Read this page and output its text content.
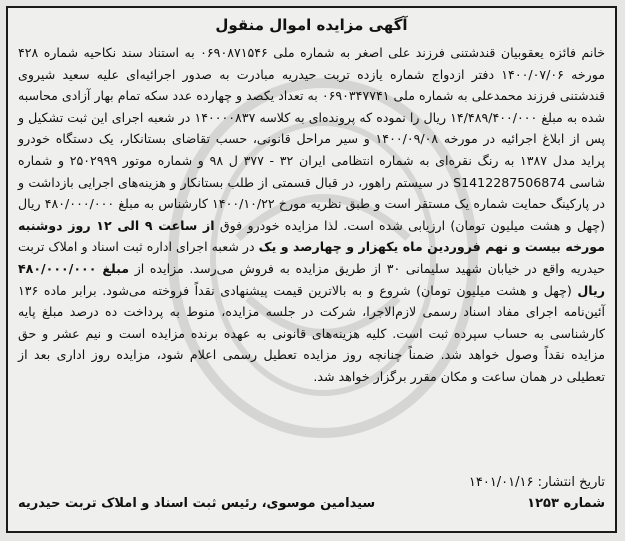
آگهی مزایده اموال منقول

خانم فائزه یعقوبیان قندشتنی فرزند علی اصغر به شماره ملی ۰۶۹۰۸۷۱۵۴۶ به استناد سند نکاحیه شماره ۴۲۸ مورخه ۱۴۰۰/۰۷/۰۶ دفتر ازدواج شماره یازده تربت حیدریه مبادرت به صدور اجرائیه‌ای علیه سعید شیروی قندشتنی فرزند محمدعلی به شماره ملی ۰۶۹۰۳۴۷۷۴۱ به تعداد یکصد و چهارده عدد سکه تمام بهار آزادی محاسبه شده به مبلغ ۱۴/۴۸۹/۴۰۰/۰۰۰ ریال را نموده که پرونده‌ای به کلاسه ۱۴۰۰۰۰۸۳۷ در شعبه اجرای این ثبت تشکیل و پس از ابلاغ اجرائیه در مورخه ۱۴۰۰/۰۹/۰۸ و سیر مراحل قانونی، حسب تقاضای بستانکار، یک دستگاه خودرو پراید مدل ۱۳۸۷ به رنگ نقره‌ای به شماره انتظامی ایران ۳۲ - ۳۷۷ ل ۹۸ و شماره موتور ۲۵۰۲۹۹۹ و شماره شاسی S1412287506874 در سیستم راهور، در قبال قسمتی از طلب بستانکار و هزینه‌های اجرایی بازداشت و در پارکینگ حمایت شماره یک مستقر است و طبق نظریه مورخ ۱۴۰۰/۱۰/۲۲ کارشناس به مبلغ ۴۸۰/۰۰۰/۰۰۰ ریال (چهل و هشت میلیون تومان) ارزیابی شده است. لذا مزایده خودرو فوق از ساعت ۹ الی ۱۲ روز دوشنبه مورخه بیست و نهم فروردین ماه یکهزار و چهارصد و یک در شعبه اجرای اداره ثبت اسناد و املاک تربت حیدریه واقع در خیابان شهید سلیمانی ۳۰ از طریق مزایده به فروش می‌رسد. مزایده از مبلغ ۴۸۰/۰۰۰/۰۰۰ ریال (چهل و هشت میلیون تومان) شروع و به بالاترین قیمت پیشنهادی نقداً فروخته می‌شود. برابر ماده ۱۳۶ آئین‌نامه اجرای مفاد اسناد رسمی لازم‌الاجرا، شرکت در جلسه مزایده، منوط به پرداخت ده درصد مبلغ پایه کارشناسی به حساب سپرده ثبت است. کلیه هزینه‌های قانونی به عهده برنده مزایده است و نیم عشر و حق مزایده نقداً وصول خواهد شد. ضمناً چنانچه روز مزایده تعطیل رسمی اعلام شود، مزایده روز اداری بعد از تعطیلی در همان ساعت و مکان مقرر برگزار خواهد شد.

تاریخ انتشار: ۱۴۰۱/۰۱/۱۶
شماره ۱۲۵۳
سیدامین موسوی، رئیس ثبت اسناد و املاک تربت حیدریه
